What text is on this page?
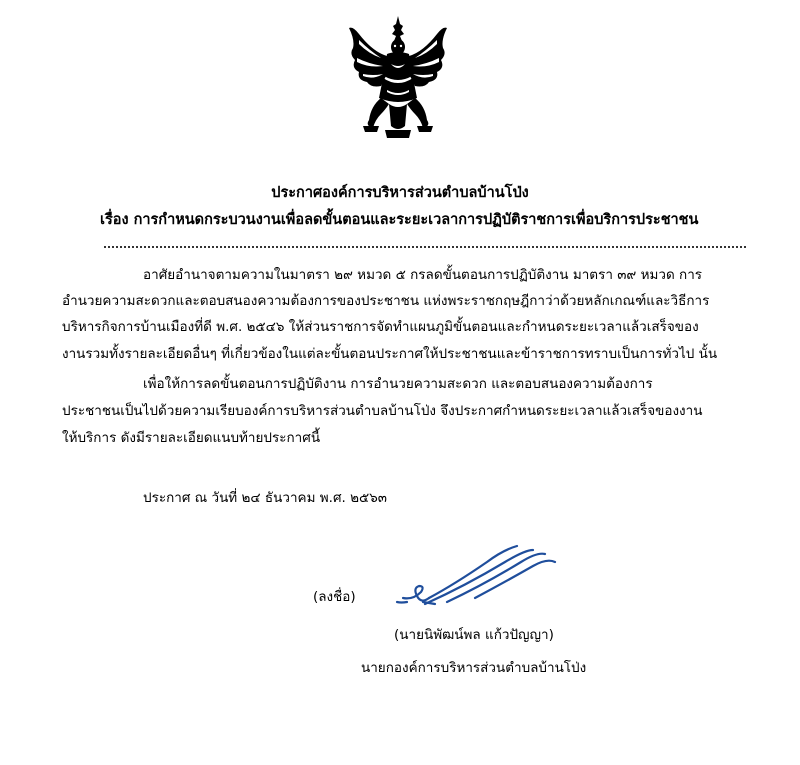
ประกาศองค์การบริหารส่วนตำบลบ้านโป่ง
เรื่อง การกำหนดกระบวนงานเพื่อลดขั้นตอนและระยะเวลาการปฏิบัติราชการเพื่อบริการประชาชน
อาศัยอำนาจตามความในมาตรา ๒๙ หมวด ๕ กรลดขั้นตอนการปฏิบัติงาน มาตรา ๓๙ หมวด การ
อำนวยความสะดวกและตอบสนองความต้องการของประชาชน แห่งพระราชกฤษฎีกาว่าด้วยหลักเกณฑ์และวิธีการ
บริหารกิจการบ้านเมืองที่ดี พ.ศ. ๒๕๔๖ ให้ส่วนราชการจัดทำแผนภูมิขั้นตอนและกำหนดระยะเวลาแล้วเสร็จของ
งานรวมทั้งรายละเอียดอื่นๆ ที่เกี่ยวข้องในแต่ละขั้นตอนประกาศให้ประชาชนและข้าราชการทราบเป็นการทั่วไป นั้น
เพื่อให้การลดขั้นตอนการปฏิบัติงาน การอำนวยความสะดวก และตอบสนองความต้องการ
ประชาชนเป็นไปด้วยความเรียบองค์การบริหารส่วนตำบลบ้านโป่ง จึงประกาศกำหนดระยะเวลาแล้วเสร็จของงาน
ให้บริการ ดังมีรายละเอียดแนบท้ายประกาศนี้
ประกาศ ณ วันที่ ๒๔ ธันวาคม พ.ศ. ๒๕๖๓
(ลงชื่อ)
(นายนิพัฒน์พล แก้วปัญญา)
นายกองค์การบริหารส่วนตำบลบ้านโป่ง
